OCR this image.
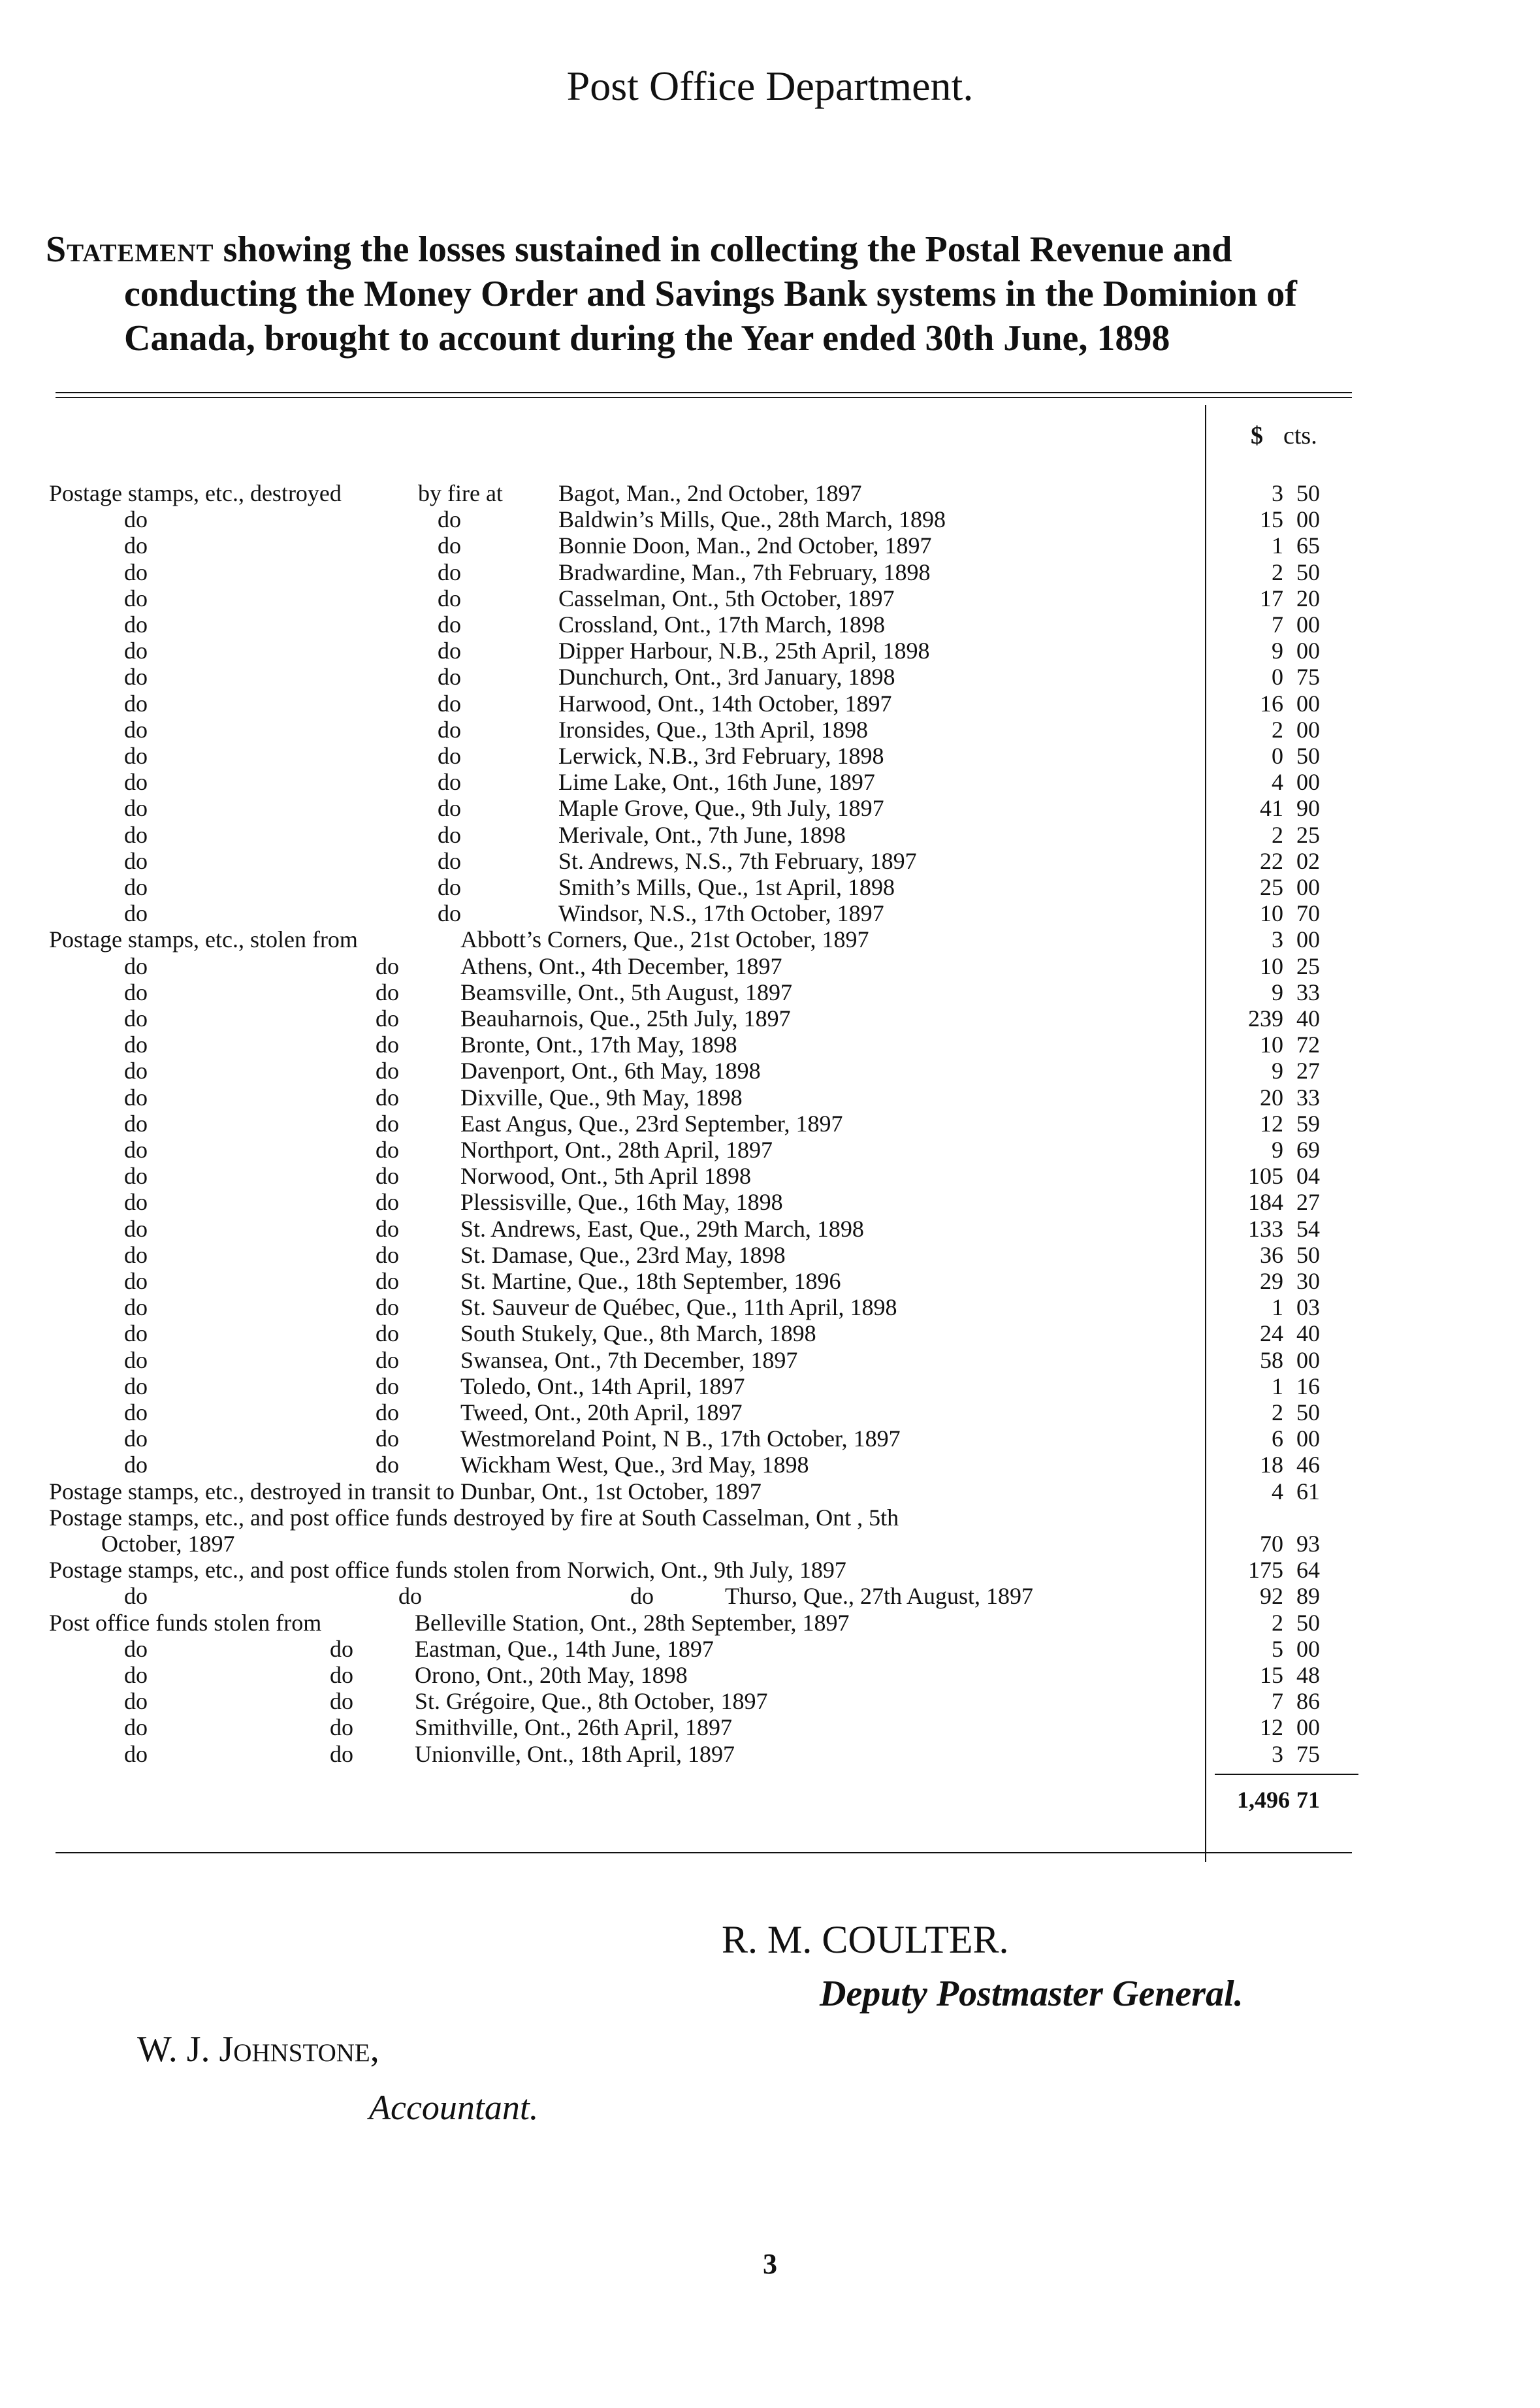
Post Office Department.

Statement showing the losses sustained in collecting the Postal Revenue and conducting the Money Order and Savings Bank systems in the Dominion of Canada, brought to account during the Year ended 30th June, 1898

$ cts.
Postage stamps, etc., destroyed	by fire at Bagot, Man., 2nd October, 1897	3 50
do	do	Baldwin’s Mills, Que., 28th March, 1898	15 00
do	do	Bonnie Doon, Man., 2nd October, 1897	1 65
do	do	Bradwardine, Man., 7th February, 1898	2 50
do	do	Casselman, Ont., 5th October, 1897	17 20
do	do	Crossland, Ont., 17th March, 1898	7 00
do	do	Dipper Harbour, N.B., 25th April, 1898	9 00
do	do	Dunchurch, Ont., 3rd January, 1898	0 75
do	do	Harwood, Ont., 14th October, 1897	16 00
do	do	Ironsides, Que., 13th April, 1898	2 00
do	do	Lerwick, N.B., 3rd February, 1898	0 50
do	do	Lime Lake, Ont., 16th June, 1897	4 00
do	do	Maple Grove, Que., 9th July, 1897	41 90
do	do	Merivale, Ont., 7th June, 1898	2 25
do	do	St. Andrews, N.S., 7th February, 1897	22 02
do	do	Smith’s Mills, Que., 1st April, 1898	25 00
do	do	Windsor, N.S., 17th October, 1897	10 70
Postage stamps, etc., stolen from	Abbott’s Corners, Que., 21st October, 1897	3 00
do	do	Athens, Ont., 4th December, 1897	10 25
do	do	Beamsville, Ont., 5th August, 1897	9 33
do	do	Beauharnois, Que., 25th July, 1897	239 40
do	do	Bronte, Ont., 17th May, 1898	10 72
do	do	Davenport, Ont., 6th May, 1898	9 27
do	do	Dixville, Que., 9th May, 1898	20 33
do	do	East Angus, Que., 23rd September, 1897	12 59
do	do	Northport, Ont., 28th April, 1897	9 69
do	do	Norwood, Ont., 5th April 1898	105 04
do	do	Plessisville, Que., 16th May, 1898	184 27
do	do	St. Andrews, East, Que., 29th March, 1898	133 54
do	do	St. Damase, Que., 23rd May, 1898	36 50
do	do	St. Martine, Que., 18th September, 1896	29 30
do	do	St. Sauveur de Québec, Que., 11th April, 1898	1 03
do	do	South Stukely, Que., 8th March, 1898	24 40
do	do	Swansea, Ont., 7th December, 1897	58 00
do	do	Toledo, Ont., 14th April, 1897	1 16
do	do	Tweed, Ont., 20th April, 1897	2 50
do	do	Westmoreland Point, N B., 17th October, 1897	6 00
do	do	Wickham West, Que., 3rd May, 1898	18 46
Postage stamps, etc., destroyed in transit to Dunbar, Ont., 1st October, 1897	4 61
Postage stamps, etc., and post office funds destroyed by fire at South Casselman, Ont , 5th
October, 1897	70 93
Postage stamps, etc., and post office funds stolen from Norwich, Ont., 9th July, 1897	175 64
do	do	do	Thurso, Que., 27th August, 1897	92 89
Post office funds stolen from	Belleville Station, Ont., 28th September, 1897	2 50
do	do	Eastman, Que., 14th June, 1897	5 00
do	do	Orono, Ont., 20th May, 1898	15 48
do	do	St. Grégoire, Que., 8th October, 1897	7 86
do	do	Smithville, Ont., 26th April, 1897	12 00
do	do	Unionville, Ont., 18th April, 1897	3 75
1,496 71
R. M. COULTER.
Deputy Postmaster General.
W. J. Johnstone,
Accountant.
3
